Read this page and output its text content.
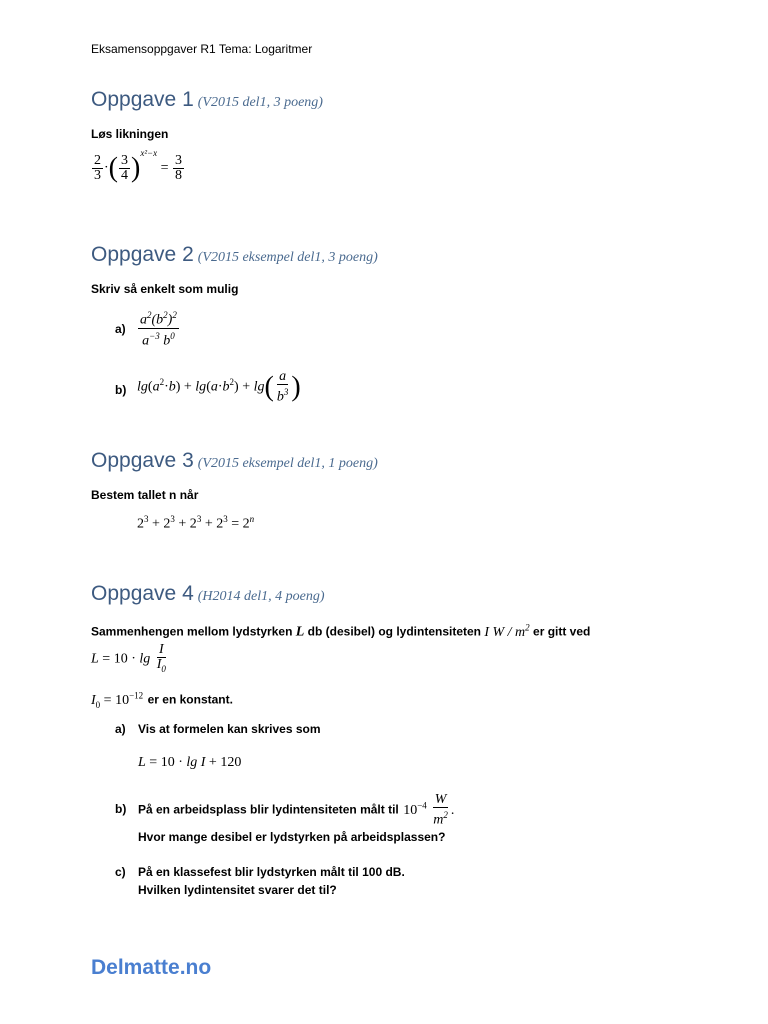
Eksamensoppgaver R1 Tema: Logaritmer
Oppgave 1 (V2015 del1, 3 poeng)
Løs likningen
$\frac{2}{3}$ ·( $\frac{3}{4} )^{x^2-x} = \frac{3}{8}$
Oppgave 2 (V2015 eksempel del1, 3 poeng)
Skriv så enkelt som mulig
$a) \frac{a^2(b^2)^2}{a^{-3} b^0}$
b) $\lg(a^2\cdot b) + \lg(a\cdot b^2) + \lg( \frac{a}{b^3}$ )
Oppgave 3 (V2015 eksempel del1, 1 poeng)
Bestem tallet n når
$2^3 + 2^3 + 2^3 + 2^3 = 2^n$
Oppgave 4 (H2014 del1, 4 poeng)
Sammenhengen mellom lydstyrken L db (desibel) og lydintensiteten I W / $m^2$ er gitt ved
$L = 10 \cdot \lg \frac{I}{I_0}$
$I_0 = 10^{-12}$ er en konstant.
a) Vis at formelen kan skrives som
L = 10 · lg I + 120
b) På en arbeidsplass blir lydintensiteten målt til $10^{-4} \frac{W}{m^2}$ .
Hvor mange desibel er lydstyrken på arbeidsplassen?
c) På en klassefest blir lydstyrken målt til 100 dB.
Hvilken lydintensitet svarer det til?
Delmatte.no
